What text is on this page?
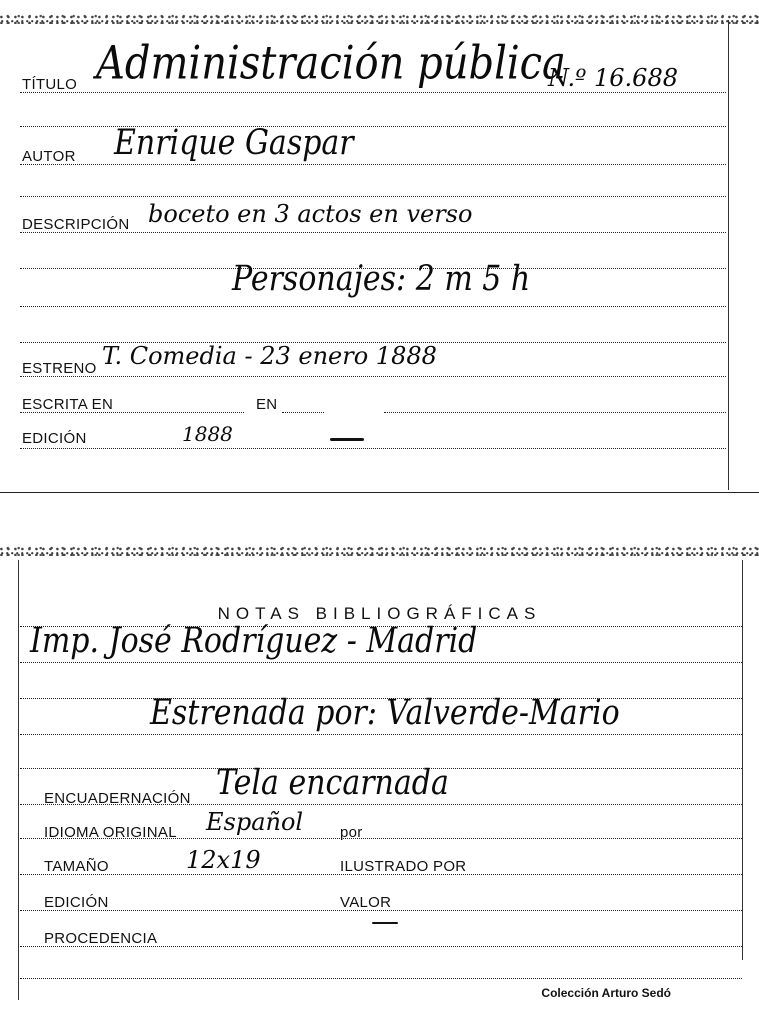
TÍTULO Administración pública
N.º 16.688
AUTOR Enrique Gaspar
DESCRIPCIÓN boceto en 3 actos en verso
Personajes: 2 m 5 h
ESTRENO T. Comedia - 23 enero 1888
ESCRITA EN	EN
EDICIÓN	1888
NOTAS BIBLIOGRÁFICAS
Imp. José Rodríguez - Madrid
Estrenada por: Valverde-Mario
ENCUADERNACIÓN Tela encarnada
IDIOMA ORIGINAL Español por
TAMAÑO	12x19	ILUSTRADO POR
EDICIÓN	VALOR
PROCEDENCIA
Colección Arturo Sedó
